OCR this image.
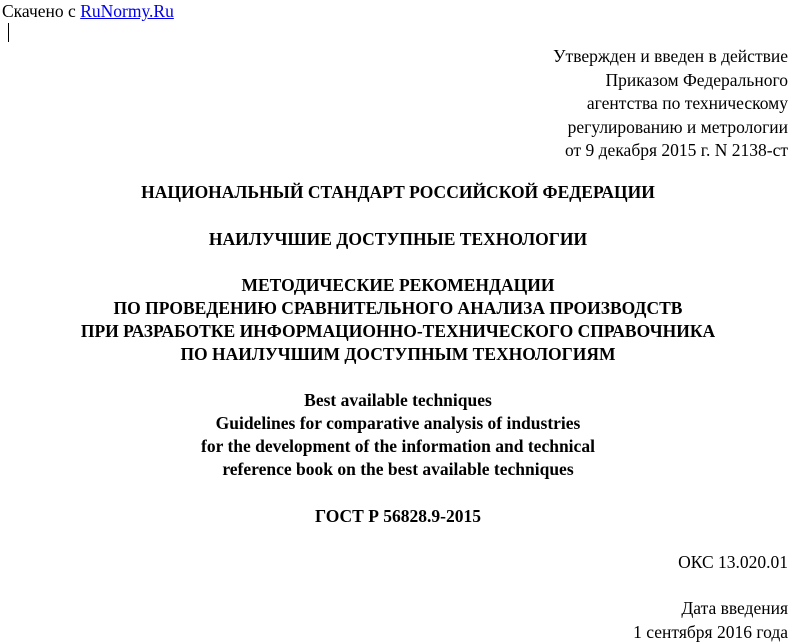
Скачено с RuNormy.Ru
Утвержден и введен в действие
Приказом Федерального
агентства по техническому
регулированию и метрологии
от 9 декабря 2015 г. N 2138-ст
НАЦИОНАЛЬНЫЙ СТАНДАРТ РОССИЙСКОЙ ФЕДЕРАЦИИ
НАИЛУЧШИЕ ДОСТУПНЫЕ ТЕХНОЛОГИИ
МЕТОДИЧЕСКИЕ РЕКОМЕНДАЦИИ
ПО ПРОВЕДЕНИЮ СРАВНИТЕЛЬНОГО АНАЛИЗА ПРОИЗВОДСТВ
ПРИ РАЗРАБОТКЕ ИНФОРМАЦИОННО-ТЕХНИЧЕСКОГО СПРАВОЧНИКА
ПО НАИЛУЧШИМ ДОСТУПНЫМ ТЕХНОЛОГИЯМ
Best available techniques
Guidelines for comparative analysis of industries
for the development of the information and technical
reference book on the best available techniques
ГОСТ Р 56828.9-2015
ОКС 13.020.01
Дата введения
1 сентября 2016 года
